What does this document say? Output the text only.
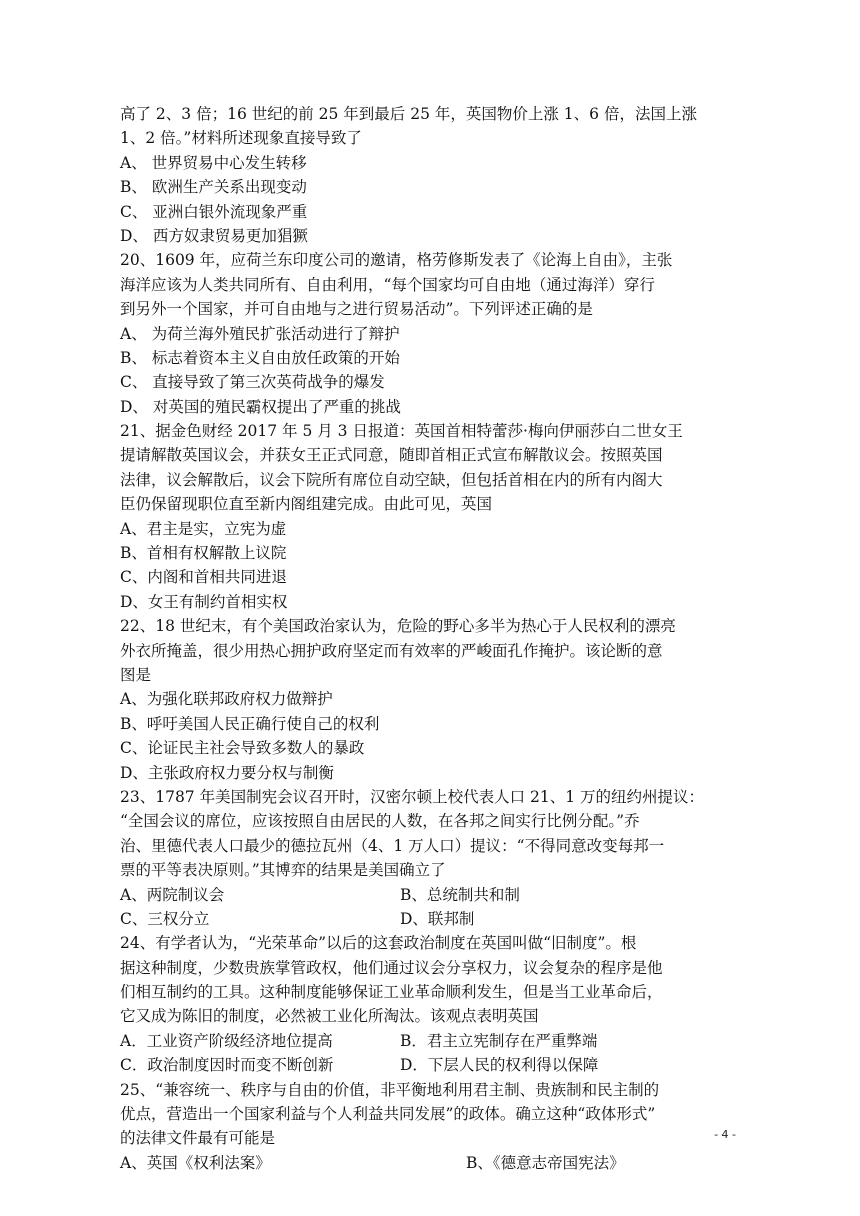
高了 2、3 倍；16 世纪的前 25 年到最后 25 年，英国物价上涨 1、6 倍，法国上涨
1、2 倍。”材料所述现象直接导致了
A、 世界贸易中心发生转移
B、 欧洲生产关系出现变动
C、 亚洲白银外流现象严重
D、 西方奴隶贸易更加猖獗
20、1609 年，应荷兰东印度公司的邀请，格劳修斯发表了《论海上自由》，主张
海洋应该为人类共同所有、自由利用，“每个国家均可自由地（通过海洋）穿行
到另外一个国家，并可自由地与之进行贸易活动”。下列评述正确的是
A、 为荷兰海外殖民扩张活动进行了辩护
B、 标志着资本主义自由放任政策的开始
C、 直接导致了第三次英荷战争的爆发
D、 对英国的殖民霸权提出了严重的挑战
21、据金色财经 2017 年 5 月 3 日报道：英国首相特蕾莎·梅向伊丽莎白二世女王
提请解散英国议会，并获女王正式同意，随即首相正式宣布解散议会。按照英国
法律，议会解散后，议会下院所有席位自动空缺，但包括首相在内的所有内阁大
臣仍保留现职位直至新内阁组建完成。由此可见，英国
A、君主是实，立宪为虚
B、首相有权解散上议院
C、内阁和首相共同进退
D、女王有制约首相实权
22、18 世纪末，有个美国政治家认为，危险的野心多半为热心于人民权利的漂亮
外衣所掩盖，很少用热心拥护政府坚定而有效率的严峻面孔作掩护。该论断的意
图是
A、为强化联邦政府权力做辩护
B、呼吁美国人民正确行使自己的权利
C、论证民主社会导致多数人的暴政
D、主张政府权力要分权与制衡
23、1787 年美国制宪会议召开时，汉密尔顿上校代表人口 21、1 万的纽约州提议：
“全国会议的席位，应该按照自由居民的人数，在各邦之间实行比例分配。”乔
治、里德代表人口最少的德拉瓦州（4、1 万人口）提议：“不得同意改变每邦一
票的平等表决原则。”其博弈的结果是美国确立了
A、两院制议会	B、总统制共和制
C、三权分立	D、联邦制
24、有学者认为，“光荣革命”以后的这套政治制度在英国叫做“旧制度”。根
据这种制度，少数贵族掌管政权，他们通过议会分享权力，议会复杂的程序是他
们相互制约的工具。这种制度能够保证工业革命顺利发生，但是当工业革命后，
它又成为陈旧的制度，必然被工业化所淘汰。该观点表明英国
A．工业资产阶级经济地位提高	B．君主立宪制存在严重弊端
C．政治制度因时而变不断创新	D．下层人民的权利得以保障
25、“兼容统一、秩序与自由的价值，非平衡地利用君主制、贵族制和民主制的
优点，营造出一个国家利益与个人利益共同发展”的政体。确立这种“政体形式”
的法律文件最有可能是
A、英国《权利法案》	B、《德意志帝国宪法》
- 4 -
